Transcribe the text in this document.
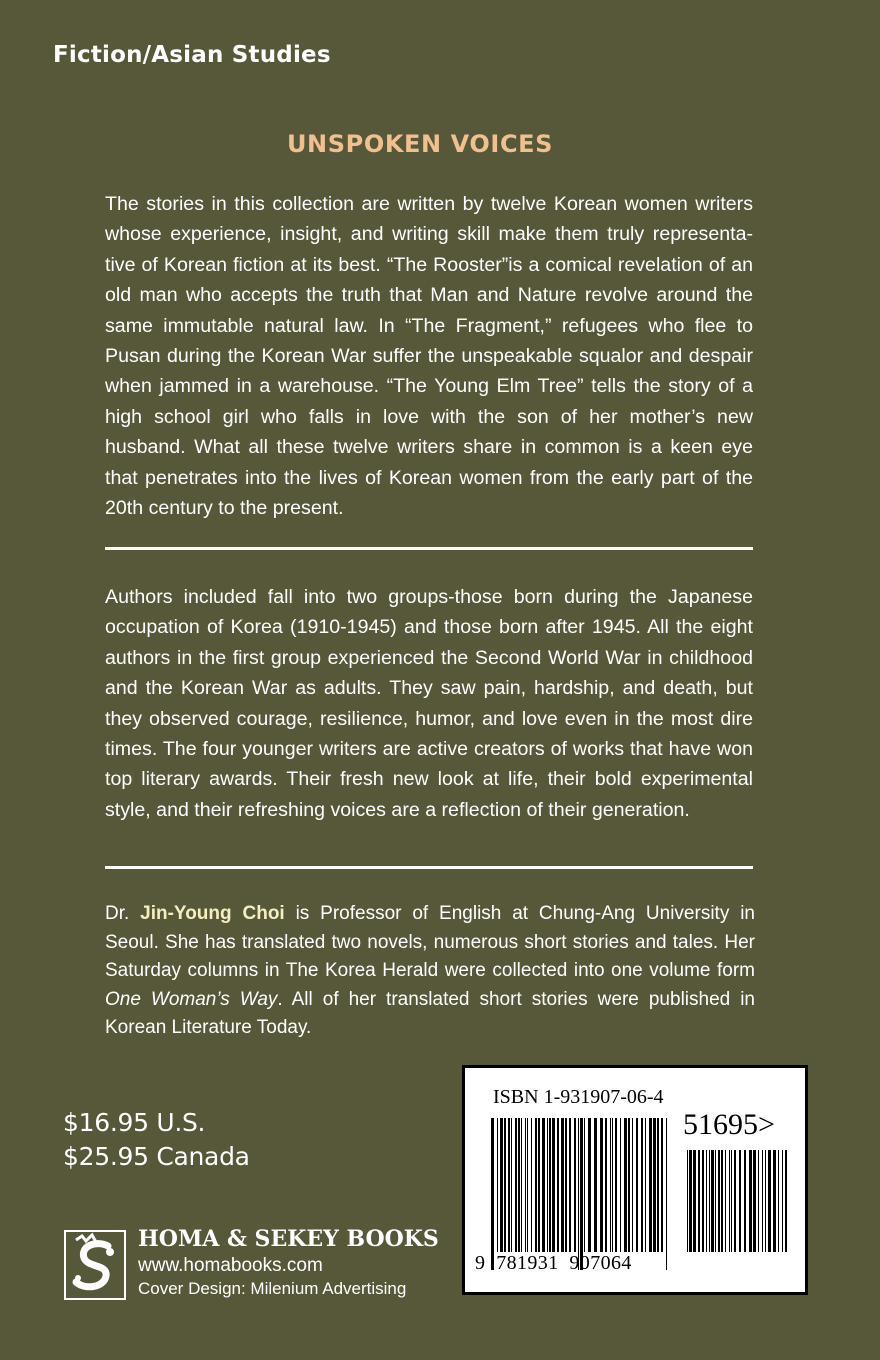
Fiction/Asian Studies
UNSPOKEN VOICES
The stories in this collection are written by twelve Korean women writers whose experience, insight, and writing skill make them truly representa-tive of Korean fiction at its best. “The Rooster”is a comical revelation of an old man who accepts the truth that Man and Nature revolve around the same immutable natural law. In “The Fragment,” refugees who flee to Pusan during the Korean War suffer the unspeakable squalor and despair when jammed in a warehouse. “The Young Elm Tree” tells the story of a high school girl who falls in love with the son of her mother’s new husband. What all these twelve writers share in common is a keen eye that penetrates into the lives of Korean women from the early part of the 20th century to the present.
Authors included fall into two groups-those born during the Japanese occupation of Korea (1910-1945) and those born after 1945. All the eight authors in the first group experienced the Second World War in childhood and the Korean War as adults. They saw pain, hardship, and death, but they observed courage, resilience, humor, and love even in the most dire times. The four younger writers are active creators of works that have won top literary awards. Their fresh new look at life, their bold experimental style, and their refreshing voices are a reflection of their generation.
Dr. Jin-Young Choi is Professor of English at Chung-Ang University in Seoul. She has translated two novels, numerous short stories and tales. Her Saturday columns in The Korea Herald were collected into one volume form One Woman’s Way. All of her translated short stories were published in Korean Literature Today.
$16.95 U.S.
$25.95 Canada
HOMA & SEKEY BOOKS
www.homabooks.com
Cover Design: Milenium Advertising
ISBN 1-931907-06-4
51695>
9  781931  907064
